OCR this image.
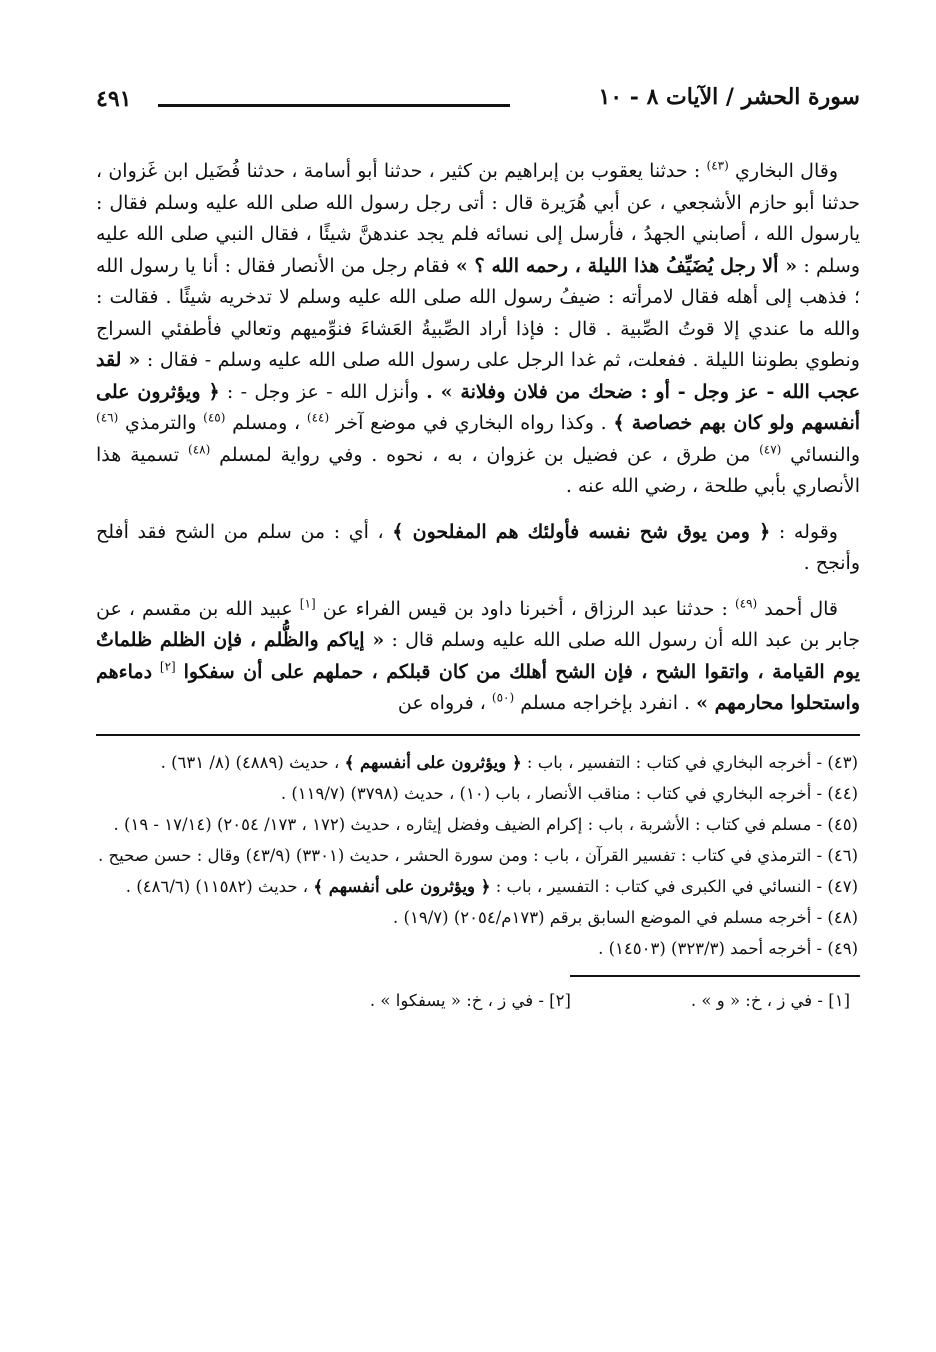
سورة الحشر / الآيات ٨ - ١٠
٤٩١

وقال البخاري $^{(٤٣)}$ : حدثنا يعقوب بن إبراهيم بن كثير ، حدثنا أبو أسامة ، حدثنا فُضَيل ابن غَزوان ، حدثنا أبو حازم الأشجعي ، عن أبي هُرَيرة قال : أتى رجل رسول الله صلى الله عليه وسلم فقال : يارسول الله ، أصابني الجهدُ ، فأرسل إلى نسائه فلم يجد عندهنَّ شيئًا ، فقال النبي صلى الله عليه وسلم : « ألا رجل يُضَيِّفُ هذا الليلة ، رحمه الله ؟ » فقام رجل من الأنصار فقال : أنا يا رسول الله ؛ فذهب إلى أهله فقال لامرأته : ضيفُ رسول الله صلى الله عليه وسلم لا تدخريه شيئًا . فقالت : والله ما عندي إلا قوتُ الصِّبية . قال : فإذا أراد الصِّبيةُ العَشاءَ فنوِّميهم وتعالي فأطفئي السراج ونطوي بطوننا الليلة . ففعلت، ثم غدا الرجل على رسول الله صلى الله عليه وسلم - فقال : « لقد عجب الله - عز وجل - أو : ضحك من فلان وفلانة » . وأنزل الله - عز وجل - : ﴿ ويؤثرون على أنفسهم ولو كان بهم خصاصة ﴾ . وكذا رواه البخاري في موضع آخر $^{(٤٤)}$ ، ومسلم $^{(٤٥)}$ والترمذي $^{(٤٦)}$ والنسائي $^{(٤٧)}$ من طرق ، عن فضيل بن غزوان ، به ، نحوه . وفي رواية لمسلم $^{(٤٨)}$ تسمية هذا الأنصاري بأبي طلحة ، رضي الله عنه .

وقوله : ﴿ ومن يوق شح نفسه فأولئك هم المفلحون ﴾ ، أي : من سلم من الشح فقد أفلح وأنجح .

قال أحمد $^{(٤٩)}$ : حدثنا عبد الرزاق ، أخبرنا داود بن قيس الفراء عن [١] عبيد الله بن مقسم ، عن جابر بن عبد الله أن رسول الله صلى الله عليه وسلم قال : « إياكم والظُّلم ، فإن الظلم ظلماتٌ يوم القيامة ، واتقوا الشح ، فإن الشح أهلك من كان قبلكم ، حملهم على أن سفكوا [٢] دماءهم واستحلوا محارمهم » . انفرد بإخراجه مسلم $^{(٥٠)}$ ، فرواه عن

(٤٣) - أخرجه البخاري في كتاب : التفسير ، باب : ﴿ ويؤثرون على أنفسهم ﴾ ، حديث (٤٨٨٩) (٨/ ٦٣١) .
(٤٤) - أخرجه البخاري في كتاب : مناقب الأنصار ، باب (١٠) ، حديث (٣٧٩٨) (١١٩/٧) .
(٤٥) - مسلم في كتاب : الأشربة ، باب : إكرام الضيف وفضل إيثاره ، حديث (١٧٢ ، ١٧٣/ ٢٠٥٤) (١٧/١٤ - ١٩) .
(٤٦) - الترمذي في كتاب : تفسير القرآن ، باب : ومن سورة الحشر ، حديث (٣٣٠١) (٤٣/٩) وقال : حسن صحيح .
(٤٧) - النسائي في الكبرى في كتاب : التفسير ، باب : ﴿ ويؤثرون على أنفسهم ﴾ ، حديث (١١٥٨٢) (٤٨٦/٦) .
(٤٨) - أخرجه مسلم في الموضع السابق برقم (١٧٣م/٢٠٥٤) (١٩/٧) .
(٤٩) - أخرجه أحمد (٣٢٣/٣) (١٤٥٠٣) .
[١] - في ز ، خ: « و » .
[٢] - في ز ، خ: « يسفكوا » .
